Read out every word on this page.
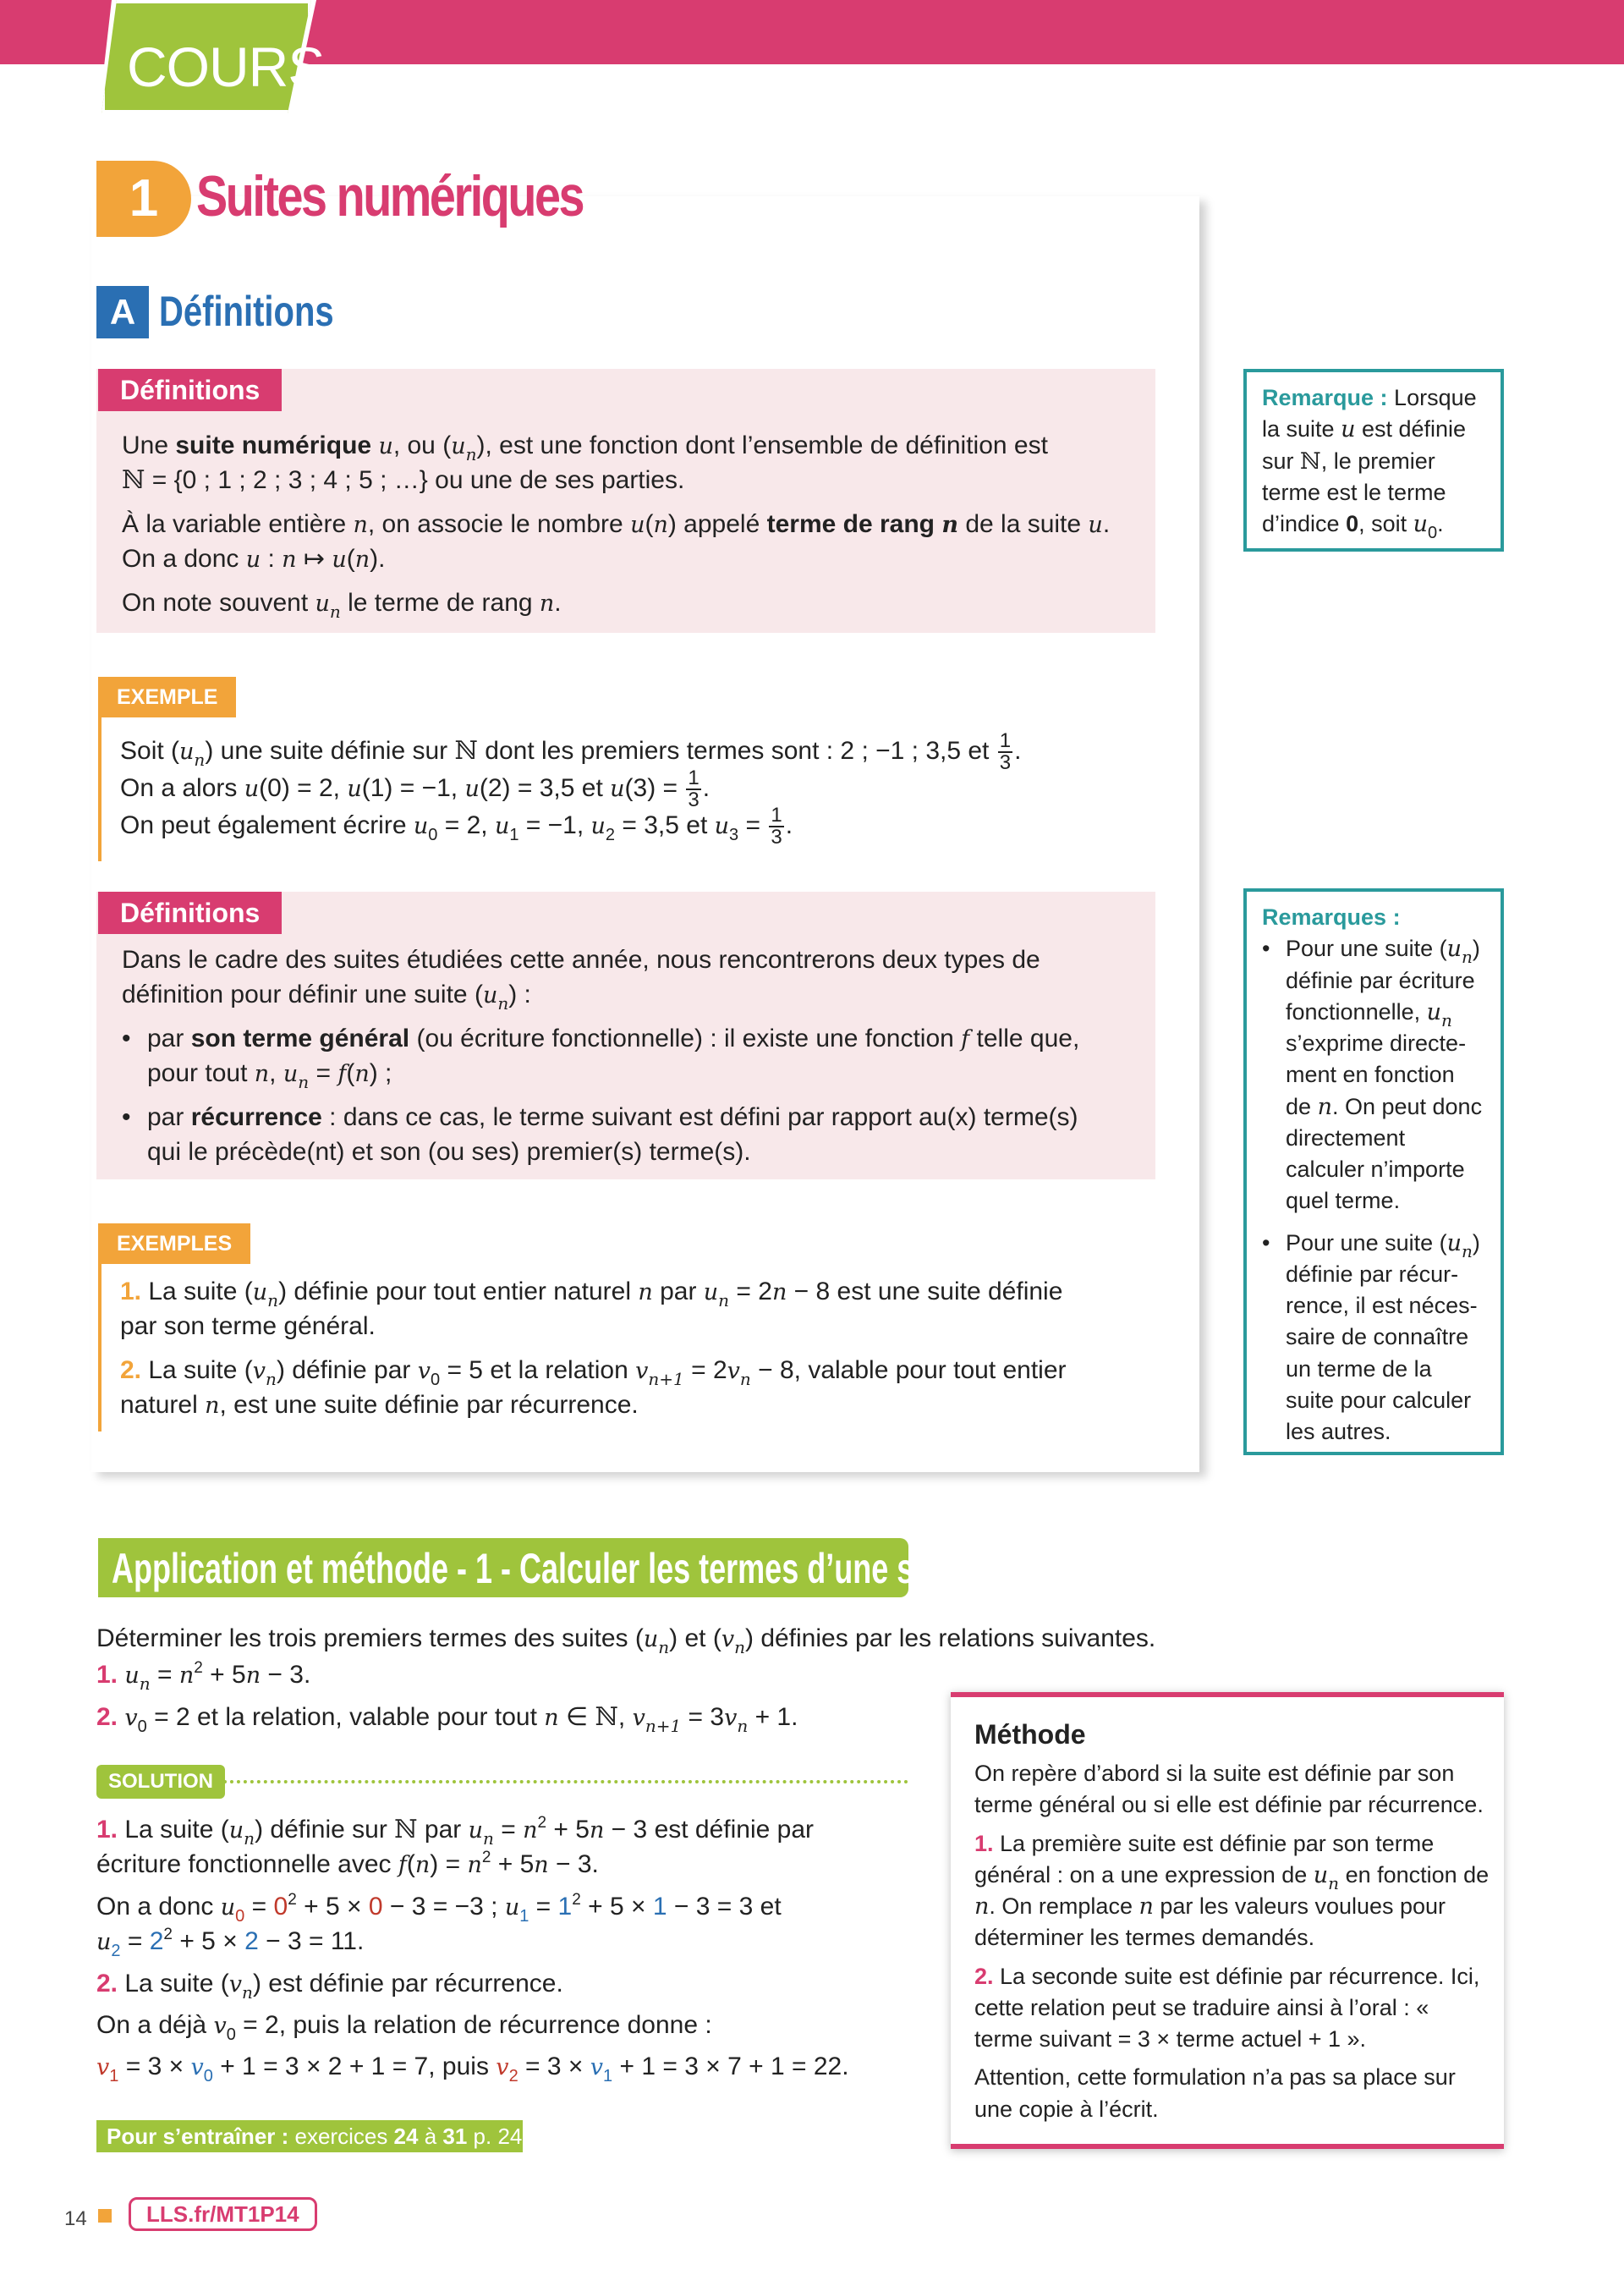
COURS
1 Suites numériques
A Définitions
Définitions
Une suite numérique u, ou $(u_n)$, est une fonction dont l’ensemble de définition est
ℕ = {0 ; 1 ; 2 ; 3 ; 4 ; 5 ; …} ou une de ses parties.
À la variable entière n, on associe le nombre u(n) appelé terme de rang n de la suite u.
On a donc u : n ↦ u(n).
On note souvent $u_n$ le terme de rang n.
Remarque : Lorsque la suite u est définie sur ℕ, le premier terme est le terme d’indice 0, soit $u_0$.
EXEMPLE
Soit $(u_n)$ une suite définie sur ℕ dont les premiers termes sont : 2 ; −1 ; 3,5 et $\frac{1}{3}$ .
On a alors u(0) = 2, u(1) = −1, u(2) = 3,5 et $u(3) = \frac{1}{3}$ .
On peut également écrire $u_0 = 2$, $u_1 = -1$, $u_2 = 3,5$ et $u_3 = \frac{1}{3}$ .
Définitions
Dans le cadre des suites étudiées cette année, nous rencontrerons deux types de
définition pour définir une suite $(u_n)$ :
• par son terme général (ou écriture fonctionnelle) : il existe une fonction f telle que,
pour tout n, $u_n = f(n)$ ;
• par récurrence : dans ce cas, le terme suivant est défini par rapport au(x) terme(s)
qui le précède(nt) et son (ou ses) premier(s) terme(s).
Remarques :
• Pour une suite $(u_n)$ définie par écriture fonctionnelle, $u_n$ s’exprime directe-ment en fonction de n. On peut donc directement calculer n’importe quel terme.
• Pour une suite $(u_n)$ définie par récur-rence, il est néces-saire de connaître un terme de la suite pour calculer les autres.
EXEMPLES
1. La suite $(u_n)$ définie pour tout entier naturel n par $u_n = 2n - 8$ est une suite définie
par son terme général.
2. La suite $(v_n)$ définie par $v_0 = 5$ et la relation $v_{n+1} = 2v_n - 8$, valable pour tout entier
naturel n, est une suite définie par récurrence.
Application et méthode - 1 - Calculer les termes d’une suite
Déterminer les trois premiers termes des suites $(u_n)$ et $(v_n)$ définies par les relations suivantes.
1. $u_n = n^2 + 5n - 3$.
2. $v_0 = 2$ et la relation, valable pour tout n ∈ ℕ, $v_{n+1} = 3v_n + 1$.
SOLUTION
1. La suite $(u_n)$ définie sur ℕ par $u_n = n^2 + 5n - 3$ est définie par
écriture fonctionnelle avec $f(n) = n^2 + 5n - 3$.
On a donc $u_0 = 0^2 + 5 \times 0 - 3 = -3$ ; $u_1 = 1^2 + 5 \times 1 - 3 = 3$ et
$u_2 = 2^2 + 5 \times 2 - 3 = 11$.
2. La suite $(v_n)$ est définie par récurrence.
On a déjà $v_0 = 2$, puis la relation de récurrence donne :
$v_1 = 3 \times v_0 + 1 = 3 \times 2 + 1 = 7$, puis $v_2 = 3 \times v_1 + 1 = 3 \times 7 + 1 = 22$.
Pour s’entraîner : exercices 24 à 31 p. 24
Méthode
On repère d’abord si la suite est définie par son terme général ou si elle est définie par récurrence.
1. La première suite est définie par son terme général : on a une expression de $u_n$ en fonction de n. On remplace n par les valeurs voulues pour déterminer les termes demandés.
2. La seconde suite est définie par récurrence. Ici, cette relation peut se traduire ainsi à l’oral : « terme suivant = 3 × terme actuel + 1 ».
Attention, cette formulation n’a pas sa place sur une copie à l’écrit.
14	LLS.fr/MT1P14
